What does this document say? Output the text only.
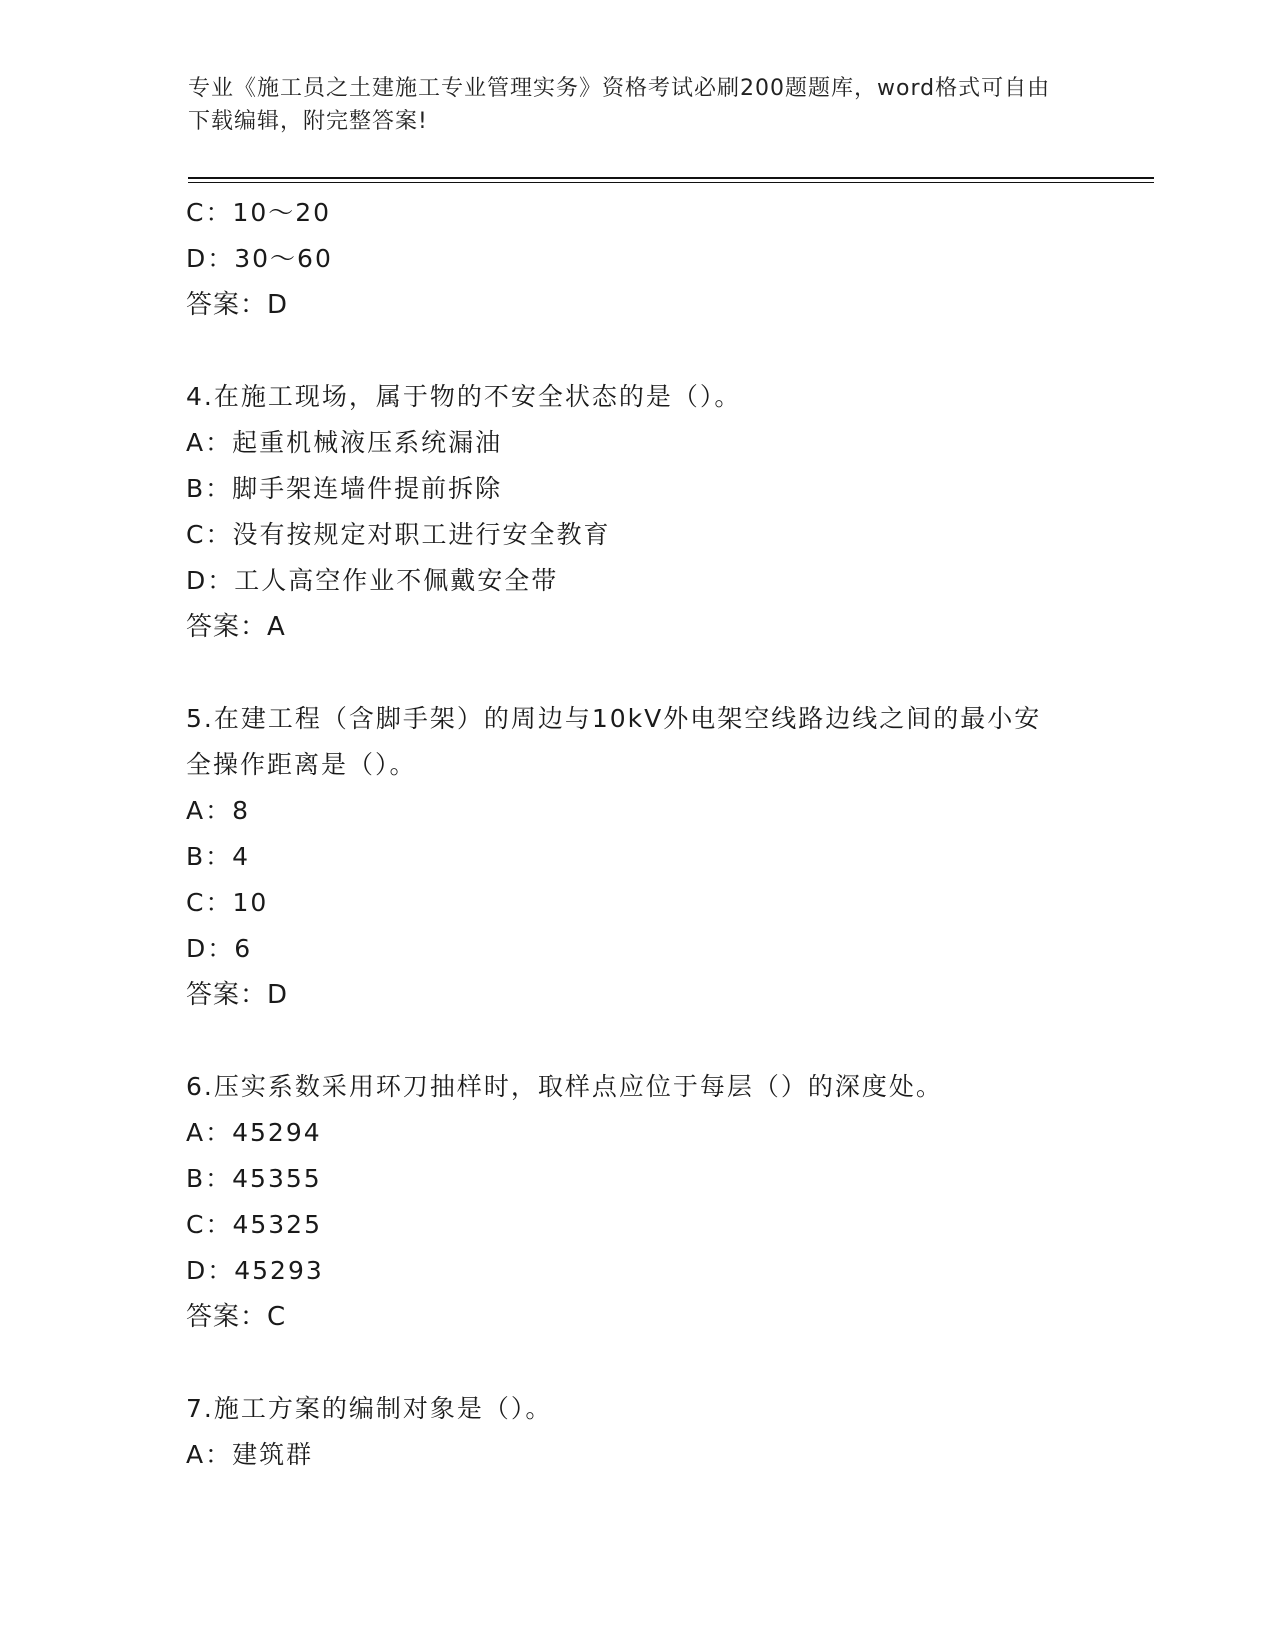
专业《施工员之土建施工专业管理实务》资格考试必刷200题题库，word格式可自由下载编辑，附完整答案!
C：10～20
D：30～60
答案：D
4.在施工现场，属于物的不安全状态的是（）。
A：起重机械液压系统漏油
B：脚手架连墙件提前拆除
C：没有按规定对职工进行安全教育
D：工人高空作业不佩戴安全带
答案：A
5.在建工程（含脚手架）的周边与10kV外电架空线路边线之间的最小安全操作距离是（）。
A：8
B：4
C：10
D：6
答案：D
6.压实系数采用环刀抽样时，取样点应位于每层（）的深度处。
A：45294
B：45355
C：45325
D：45293
答案：C
7.施工方案的编制对象是（）。
A：建筑群
